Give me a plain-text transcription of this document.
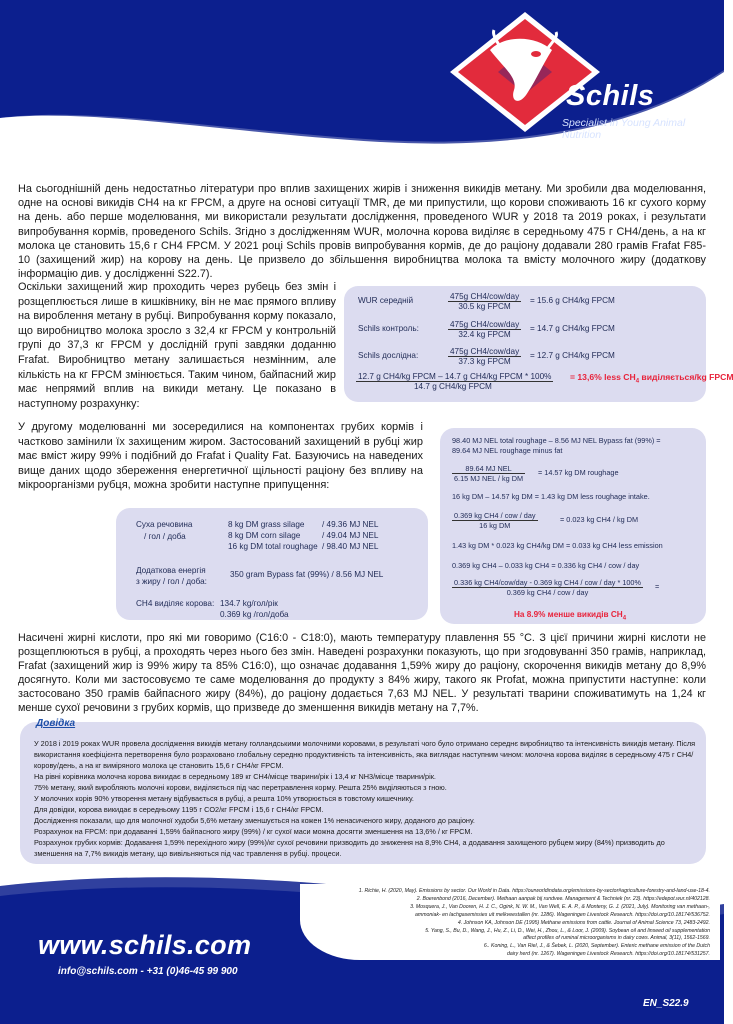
Schils
Specialist in Young Animal Nutrition
На сьогоднішній день недостатньо літератури про вплив захищених жирів і зниження викидів метану. Ми зробили два моделювання, одне на основі викидів CH4 на кг FPCM, а друге на основі ситуації TMR, де ми припустили, що корови споживають 16 кг сухого корму на день. або перше моделювання, ми використали результати дослідження, проведеного WUR у 2018 та 2019 роках, і результати випробування кормів, проведеного Schils. Згідно з дослідженням WUR, молочна корова виділяє в середньому 475 г CH4/день, а на кг молока це становить 15,6 г CH4 FPCM. У 2021 році Schils провів випробування кормів, де до раціону додавали 280 грамів Frafat F85-10 (захищений жир) на корову на день. Це призвело до збільшення виробництва молока та вмісту молочного жиру (додаткову інформацію див. у дослідженні S22.7).
Оскільки захищений жир проходить через рубець без змін і розщеплюється лише в кишківнику, він не має прямого впливу на вироблення метану в рубці. Випробування корму показало, що виробництво молока зросло з 32,4 кг FPCM у контрольній групі до 37,3 кг FPCM у дослідній групі завдяки доданню Frafat. Виробництво метану залишається незмінним, але кількість на кг FPCM змінюється. Таким чином, байпасний жир має непрямий вплив на викиди метану. Це показано в наступному розрахунку:
WUR середній	$\frac{\text{475g CH4/cow/day}}{\text{30.5 kg FPCM}} = 15.6$ g CH4/kg FPCM
Schils контроль:	$\frac{\text{475g CH4/cow/day}}{\text{32.4 kg FPCM}} = 14.7$ g CH4/kg FPCM
Schils дослідна:	$\frac{\text{475g CH4/cow/day}}{\text{37.3 kg FPCM}} = 12.7$ g CH4/kg FPCM
$\frac{\text{12.7 g CH4/kg FPCM – 14.7 g CH4/kg FPCM * 100\%}}{\text{14.7 g CH4/kg FPCM}} = 13,6\%$ less $CH_4$ виділяється/kg FPCM
У другому моделюванні ми зосередилися на компонентах грубих кормів і частково замінили їх захищеним жиром. Застосований захищений в рубці жир має вміст жиру 99% і подібний до Frafat і Quality Fat. Базуючись на наведених вище даних щодо збереження енергетичної щільності раціону без впливу на мікроорганізми рубця, можна зробити наступне припущення:
Суха речовина
/ гол / доба
8 kg DM grass silage / 49.36 MJ NEL
8 kg DM corn silage	/ 49.04 MJ NEL
16 kg DM total roughage / 98.40 MJ NEL
Додаткова енергія
з жиру / гол / доба:
350 gram Bypass fat (99%) / 8.56 MJ NEL
CH4 виділяє корова: 134.7 kg/гол/рік
0.369 kg /гол/доба
98.40 MJ NEL total roughage – 8.56 MJ NEL Bypass fat (99%) =
89.64 MJ NEL roughage minus fat
$\frac{\text{89.64 MJ NEL}}{\text{6.15 MJ NEL / kg DM}} = 14.57$ kg DM roughage
16 kg DM – 14.57 kg DM = 1.43 kg DM less roughage intake.
$\frac{\text{0.369 kg CH4 / cow / day}}{\text{16 kg DM}}$	= 0.023 kg CH4 / kg DM
1.43 kg DM * 0.023 kg CH4/kg DM = 0.033 kg CH4 less emission
0.369 kg CH4 – 0.033 kg CH4 = 0.336 kg CH4 / cow / day
$\frac{\text{0.336 kg CH4/cow/day - 0.369 kg CH4 / cow / day * 100\%}}{\text{0.369 kg CH4 / cow / day}}$ =
На 8.9% менше викидів $CH_4$
Насичені жирні кислоти, про які ми говоримо (C16:0 - C18:0), мають температуру плавлення 55 °C. З цієї причини жирні кислоти не розщеплюються в рубці, а проходять через нього без змін. Наведені розрахунки показують, що при згодовуванні 350 грамів, наприклад, Frafat (захищений жир із 99% жиру та 85% C16:0), що означає додавання 1,59% жиру до раціону, скорочення викидів метану до 8,9% досягнуто. Коли ми застосовуємо те саме моделювання до продукту з 84% жиру, такого як Profat, можна припустити наступне: коли застосовано 350 грамів байпасного жиру (84%), до раціону додається 7,63 MJ NEL. У результаті тварини споживатимуть на 1,24 кг менше сухої речовини з грубих кормів, що призведе до зменшення викидів метану на 7,7%.
Довідка
У 2018 і 2019 роках WUR провела дослідження викидів метану голландськими молочними коровами, в результаті чого було отримано середнє виробництво та інтенсивність викидів метану. Після використання коефіцієнта перетворення було розраховано глобальну середню продуктивність та інтенсивність, яка виглядає наступним чином: молочна корова виділяє в середньому 475 г CH4/корову/день, а на кг виміряного молока це становить 15,6 г CH4/кг FPCM.
На рівні корівника молочна корова викидає в середньому 189 кг CH4/місце тварини/рік і 13,4 кг NH3/місце тварини/рік.
75% метану, який виробляють молочні корови, виділяється під час перетравлення корму. Решта 25% виділяються з гною.
У молочних корів 90% утворення метану відбувається в рубці, а решта 10% утворюється в товстому кишечнику.
Для довідки, корова викидає в середньому 1195 г CO2/кг FPCM і 15,6 г CH4/кг FPCM.
Дослідження показали, що для молочної худоби 5,6% метану зменшується на кожен 1% ненасиченого жиру, доданого до раціону.
Розрахунок на FPCM: при додаванні 1,59% байпасного жиру (99%) / кг сухої маси можна досягти зменшення на 13,6% / кг FPCM.
Розрахунок грубих кормів: Додавання 1,59% перехідного жиру (99%)/кг сухої речовини призводить до зниження на 8,9% CH4, а додавання захищеного рубцем жиру (84%) призводить до зменшення на 7,7% викидів метану, що вивільняються під час травлення в рубці. процеси.
1. Richie, H. (2020, May). Emissions by sector. Our World in Data. https://ourworldindata.org/emissions-by-sector#agriculture-forestry-and-land-use-18-4.
2. Boerenbond (2016, December). Methaan aanpak bij rundvee. Management & Techniek (nr. 23). https://edepot.wur.nl/402128.
3. Mosquera, J., Van Dooren, H. J. C., Ogink, N. W. M., Van Well, E. A. P., & Monteny, G. J. (2021, July). Monitoring van methaan-,
ammoniak- en lachgasemissies uit melkveestallen (nr. 1286). Wageningen Livestock Research. https://doi.org/10.18174/536752.
4. Johnson KA, Johnson DE (1995) Methane emissions from cattle. Journal of Animal Science 73, 2483-2492.
5. Yang, S., Bu, D., Wang, J., Hu, Z., Li, D., Wei, H., Zhou, L., & Loor, J. (2009). Soybean oil and linseed oil supplementation
affect profiles of ruminal microorganisms in dairy cows. Animal, 3(11), 1562-1569.
6.. Koning, L., Van Riel, J., & Šebek, L. (2020, September). Enteric methane emission of the Dutch
dairy herd (nr. 1267). Wageningen Livestock Research. https://doi.org/10.18174/531257.
www.schils.com
info@schils.com - +31 (0)46-45 99 900
EN_S22.9
